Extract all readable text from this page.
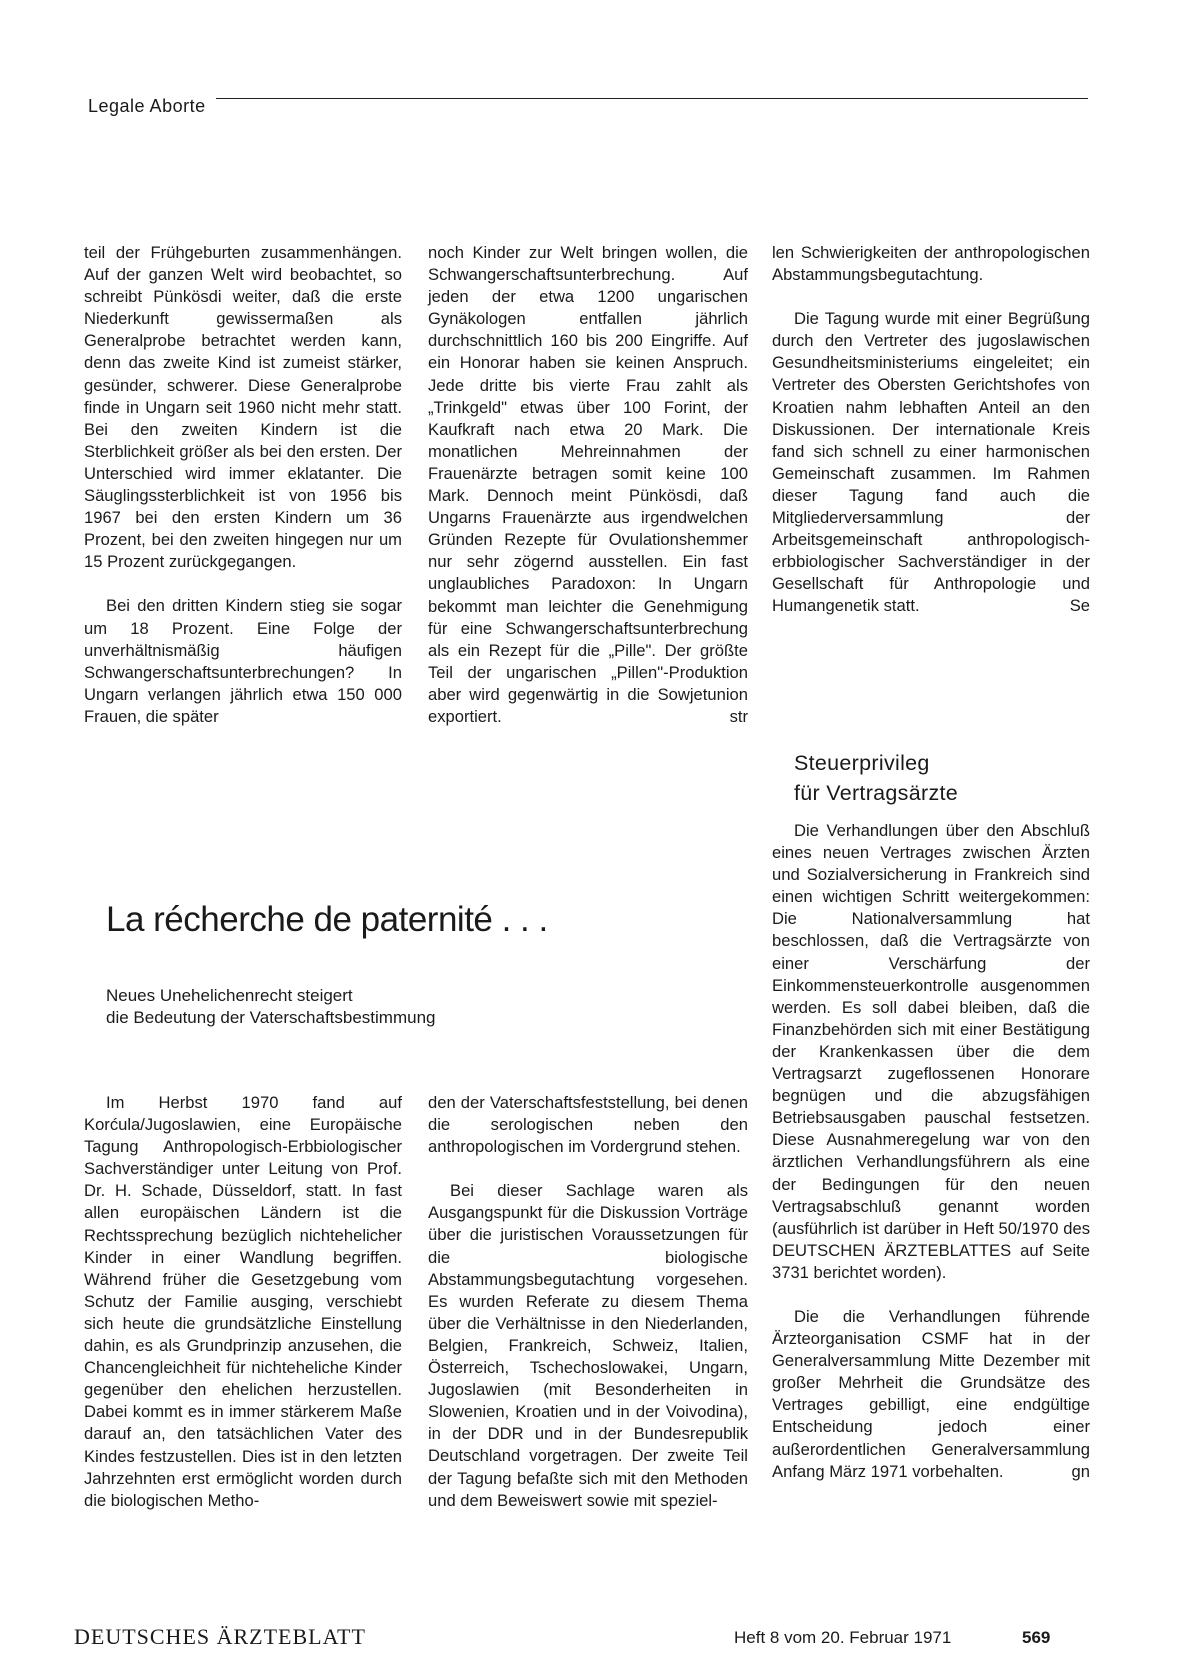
Legale Aborte

teil der Frühgeburten zusammenhängen. Auf der ganzen Welt wird beobachtet, so schreibt Pünkösdi weiter, daß die erste Niederkunft gewissermaßen als Generalprobe betrachtet werden kann, denn das zweite Kind ist zumeist stärker, gesünder, schwerer. Diese Generalprobe finde in Ungarn seit 1960 nicht mehr statt. Bei den zweiten Kindern ist die Sterblichkeit größer als bei den ersten. Der Unterschied wird immer eklatanter. Die Säuglingssterblichkeit ist von 1956 bis 1967 bei den ersten Kindern um 36 Prozent, bei den zweiten hingegen nur um 15 Prozent zurückgegangen.

Bei den dritten Kindern stieg sie sogar um 18 Prozent. Eine Folge der unverhältnismäßig häufigen Schwangerschaftsunterbrechungen? In Ungarn verlangen jährlich etwa 150 000 Frauen, die später

noch Kinder zur Welt bringen wollen, die Schwangerschaftsunterbrechung. Auf jeden der etwa 1200 ungarischen Gynäkologen entfallen jährlich durchschnittlich 160 bis 200 Eingriffe. Auf ein Honorar haben sie keinen Anspruch. Jede dritte bis vierte Frau zahlt als „Trinkgeld" etwas über 100 Forint, der Kaufkraft nach etwa 20 Mark. Die monatlichen Mehreinnahmen der Frauenärzte betragen somit keine 100 Mark. Dennoch meint Pünkösdi, daß Ungarns Frauenärzte aus irgendwelchen Gründen Rezepte für Ovulationshemmer nur sehr zögernd ausstellen. Ein fast unglaubliches Paradoxon: In Ungarn bekommt man leichter die Genehmigung für eine Schwangerschaftsunterbrechung als ein Rezept für die „Pille". Der größte Teil der ungarischen „Pillen"-Produktion aber wird gegenwärtig in die Sowjetunion exportiert.	str

len Schwierigkeiten der anthropologischen Abstammungsbegutachtung.

Die Tagung wurde mit einer Begrüßung durch den Vertreter des jugoslawischen Gesundheitsministeriums eingeleitet; ein Vertreter des Obersten Gerichtshofes von Kroatien nahm lebhaften Anteil an den Diskussionen. Der internationale Kreis fand sich schnell zu einer harmonischen Gemeinschaft zusammen. Im Rahmen dieser Tagung fand auch die Mitgliederversammlung der Arbeitsgemeinschaft anthropologisch-erbbiologischer Sachverständiger in der Gesellschaft für Anthropologie und Humangenetik statt.	Se

Steuerprivileg
für Vertragsärzte

Die Verhandlungen über den Abschluß eines neuen Vertrages zwischen Ärzten und Sozialversicherung in Frankreich sind einen wichtigen Schritt weitergekommen: Die Nationalversammlung hat beschlossen, daß die Vertragsärzte von einer Verschärfung der Einkommensteuerkontrolle ausgenommen werden. Es soll dabei bleiben, daß die Finanzbehörden sich mit einer Bestätigung der Krankenkassen über die dem Vertragsarzt zugeflossenen Honorare begnügen und die abzugsfähigen Betriebsausgaben pauschal festsetzen. Diese Ausnahmeregelung war von den ärztlichen Verhandlungsführern als eine der Bedingungen für den neuen Vertragsabschluß genannt worden (ausführlich ist darüber in Heft 50/1970 des DEUTSCHEN ÄRZTEBLATTES auf Seite 3731 berichtet worden).

Die die Verhandlungen führende Ärzteorganisation CSMF hat in der Generalversammlung Mitte Dezember mit großer Mehrheit die Grundsätze des Vertrages gebilligt, eine endgültige Entscheidung jedoch einer außerordentlichen Generalversammlung Anfang März 1971 vorbehalten.	gn

La récherche de paternité . . .
Neues Unehelichenrecht steigert
die Bedeutung der Vaterschaftsbestimmung

Im Herbst 1970 fand auf Korćula/Jugoslawien, eine Europäische Tagung Anthropologisch-Erbbiologischer Sachverständiger unter Leitung von Prof. Dr. H. Schade, Düsseldorf, statt. In fast allen europäischen Ländern ist die Rechtssprechung bezüglich nichtehelicher Kinder in einer Wandlung begriffen. Während früher die Gesetzgebung vom Schutz der Familie ausging, verschiebt sich heute die grundsätzliche Einstellung dahin, es als Grundprinzip anzusehen, die Chancengleichheit für nichteheliche Kinder gegenüber den ehelichen herzustellen. Dabei kommt es in immer stärkerem Maße darauf an, den tatsächlichen Vater des Kindes festzustellen. Dies ist in den letzten Jahrzehnten erst ermöglicht worden durch die biologischen Metho-

den der Vaterschaftsfeststellung, bei denen die serologischen neben den anthropologischen im Vordergrund stehen.

Bei dieser Sachlage waren als Ausgangspunkt für die Diskussion Vorträge über die juristischen Voraussetzungen für die biologische Abstammungsbegutachtung vorgesehen. Es wurden Referate zu diesem Thema über die Verhältnisse in den Niederlanden, Belgien, Frankreich, Schweiz, Italien, Österreich, Tschechoslowakei, Ungarn, Jugoslawien (mit Besonderheiten in Slowenien, Kroatien und in der Voivodina), in der DDR und in der Bundesrepublik Deutschland vorgetragen. Der zweite Teil der Tagung befaßte sich mit den Methoden und dem Beweiswert sowie mit speziel-

DEUTSCHES ÄRZTEBLATT	Heft 8 vom 20. Februar 1971	569
